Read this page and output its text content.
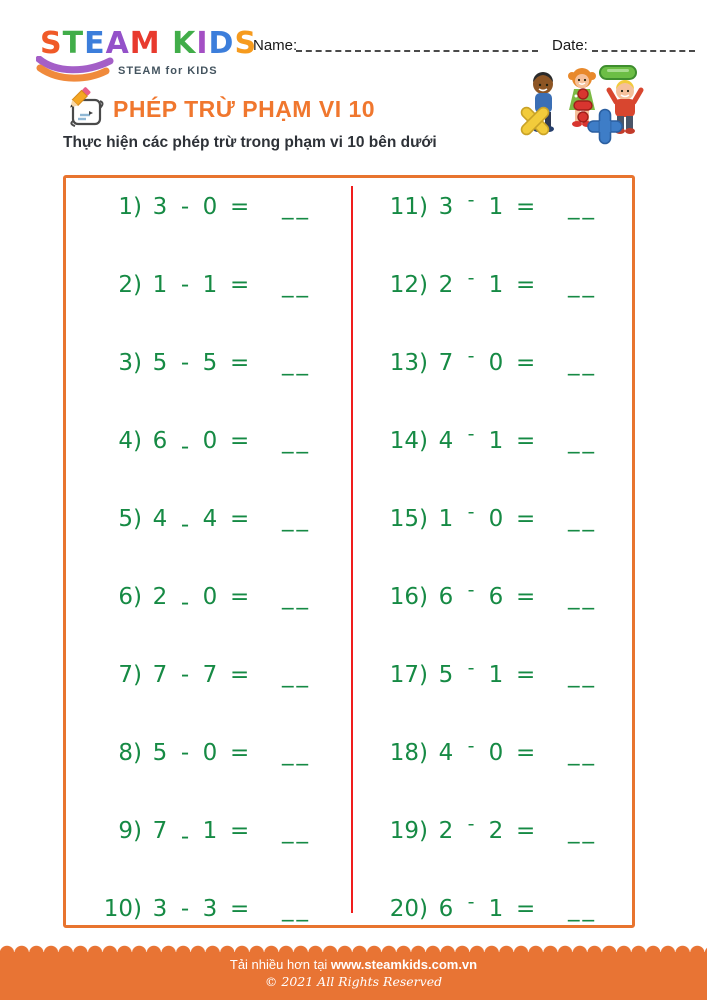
STEAM KIDS
STEAM for KIDS
Name:	Date:
PHÉP TRỪ PHẠM VI 10
Thực hiện các phép trừ trong phạm vi 10 bên dưới
1) 3 - 0 = __
2) 1 - 1 = __
3) 5 - 5 = __
4) 6 - 0 = __
5) 4 - 4 = __
6) 2 - 0 = __
7) 7 - 7 = __
8) 5 - 0 = __
9) 7 - 1 = __
10) 3 - 3 = __
11) 3 - 1 = __
12) 2 - 1 = __
13) 7 - 0 = __
14) 4 - 1 = __
15) 1 - 0 = __
16) 6 - 6 = __
17) 5 - 1 = __
18) 4 - 0 = __
19) 2 - 2 = __
20) 6 - 1 = __
Tải nhiều hơn tại www.steamkids.com.vn
© 2021 All Rights Reserved
